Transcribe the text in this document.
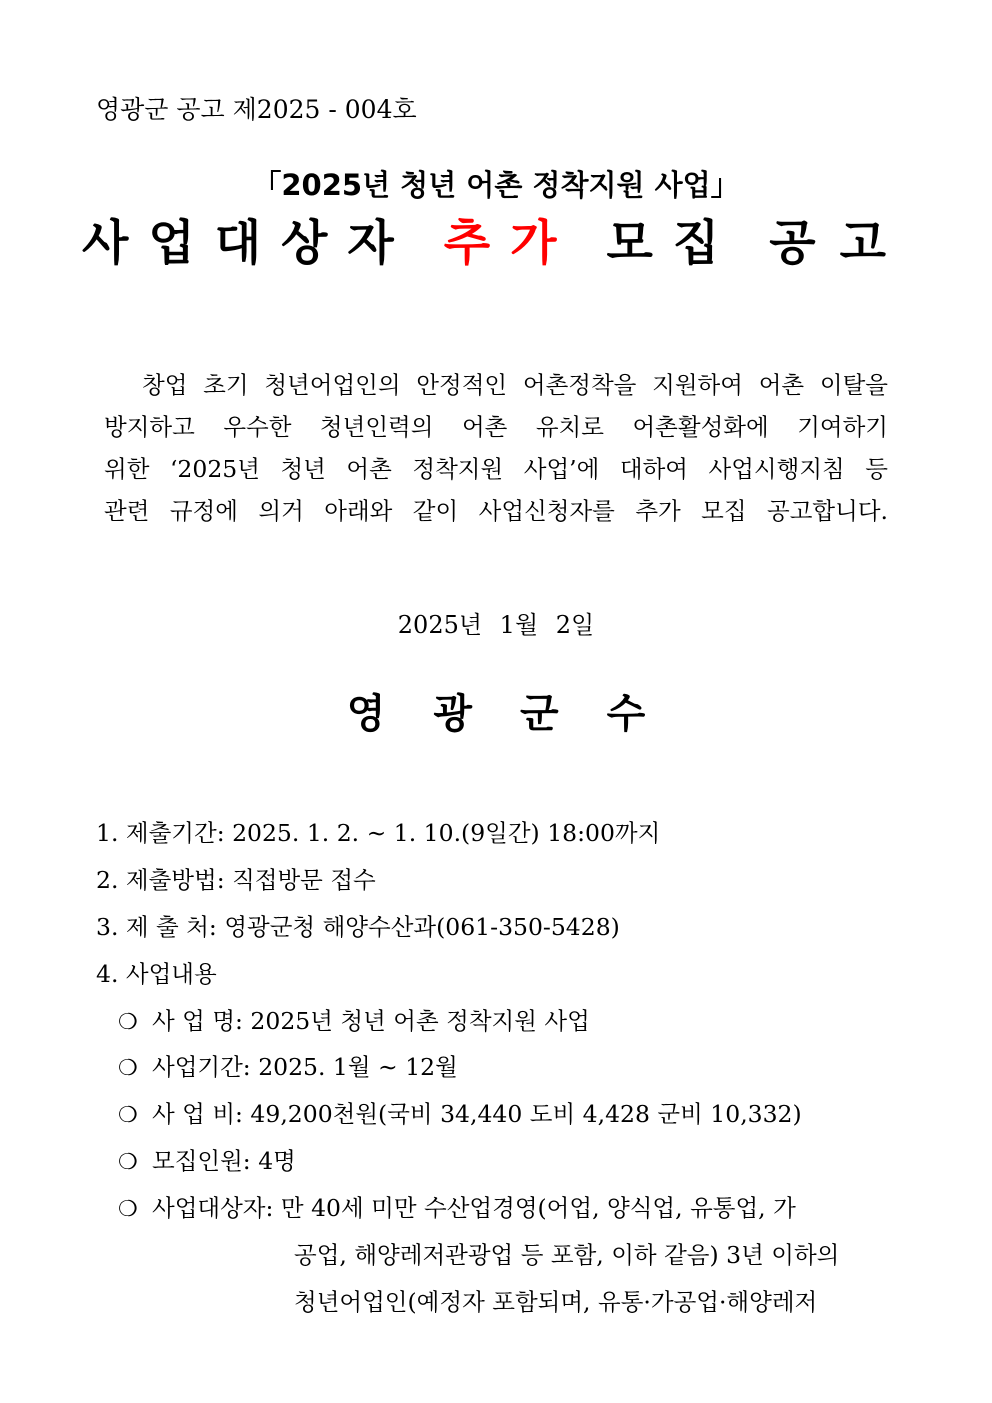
영광군 공고 제2025 - 004호
「2025년 청년 어촌 정착지원 사업」
사업대상자 추가 모집 공고
창업 초기 청년어업인의 안정적인 어촌정착을 지원하여 어촌 이탈을
방지하고 우수한 청년인력의 어촌 유치로 어촌활성화에 기여하기
위한 ‘2025년 청년 어촌 정착지원 사업’에 대하여 사업시행지침 등
관련 규정에 의거 아래와 같이 사업신청자를 추가 모집 공고합니다.
2025년 1월 2일
영광군수
1. 제출기간: 2025. 1. 2. ∼ 1. 10.(9일간) 18:00까지
2. 제출방법: 직접방문 접수
3. 제 출 처: 영광군청 해양수산과(061-350-5428)
4. 사업내용
❍ 사 업 명: 2025년 청년 어촌 정착지원 사업
❍ 사업기간: 2025. 1월 ∼ 12월
❍ 사 업 비: 49,200천원(국비 34,440 도비 4,428 군비 10,332)
❍ 모집인원: 4명
❍ 사업대상자: 만 40세 미만 수산업경영(어업, 양식업, 유통업, 가
공업, 해양레저관광업 등 포함, 이하 같음) 3년 이하의
청년어업인(예정자 포함되며, 유통·가공업·해양레저
